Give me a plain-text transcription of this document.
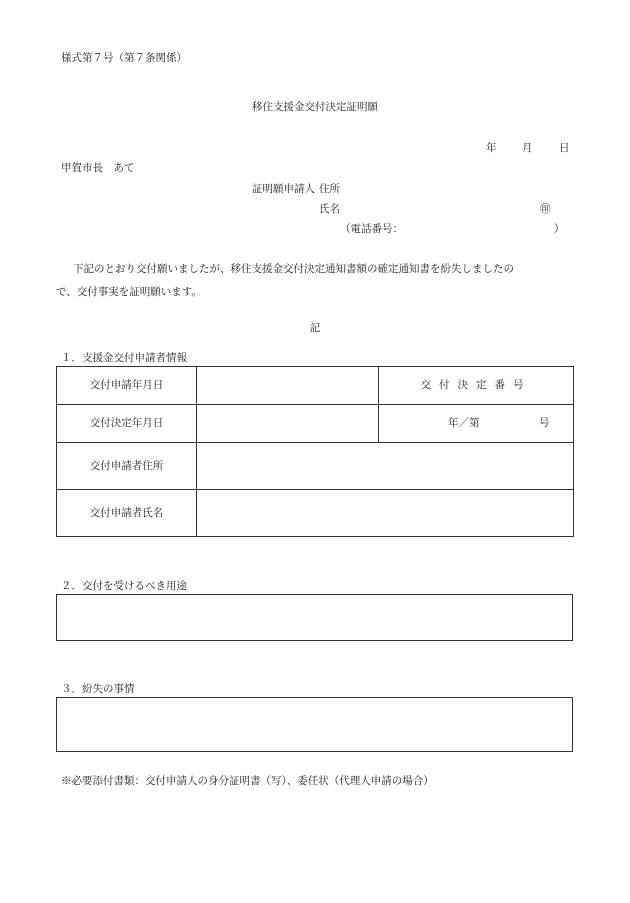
様式第７号（第７条関係）
移住支援金交付決定証明願
年 月	日
甲賀市長　あて
証明願申請人 住所
氏名	㊞
（電話番号：	）
下記のとおり交付願いましたが、移住支援金交付決定通知書額の確定通知書を紛失しましたの
で、交付事実を証明願います。
記
１．支援金交付申請者情報
交付申請年月日		交付決定番号
交付決定年月日		年／第 号

交付申請者住所		
交付申請者氏名		
２．交付を受けるべき用途
３．紛失の事情
※必要添付書類：交付申請人の身分証明書（写）、委任状（代理人申請の場合）
